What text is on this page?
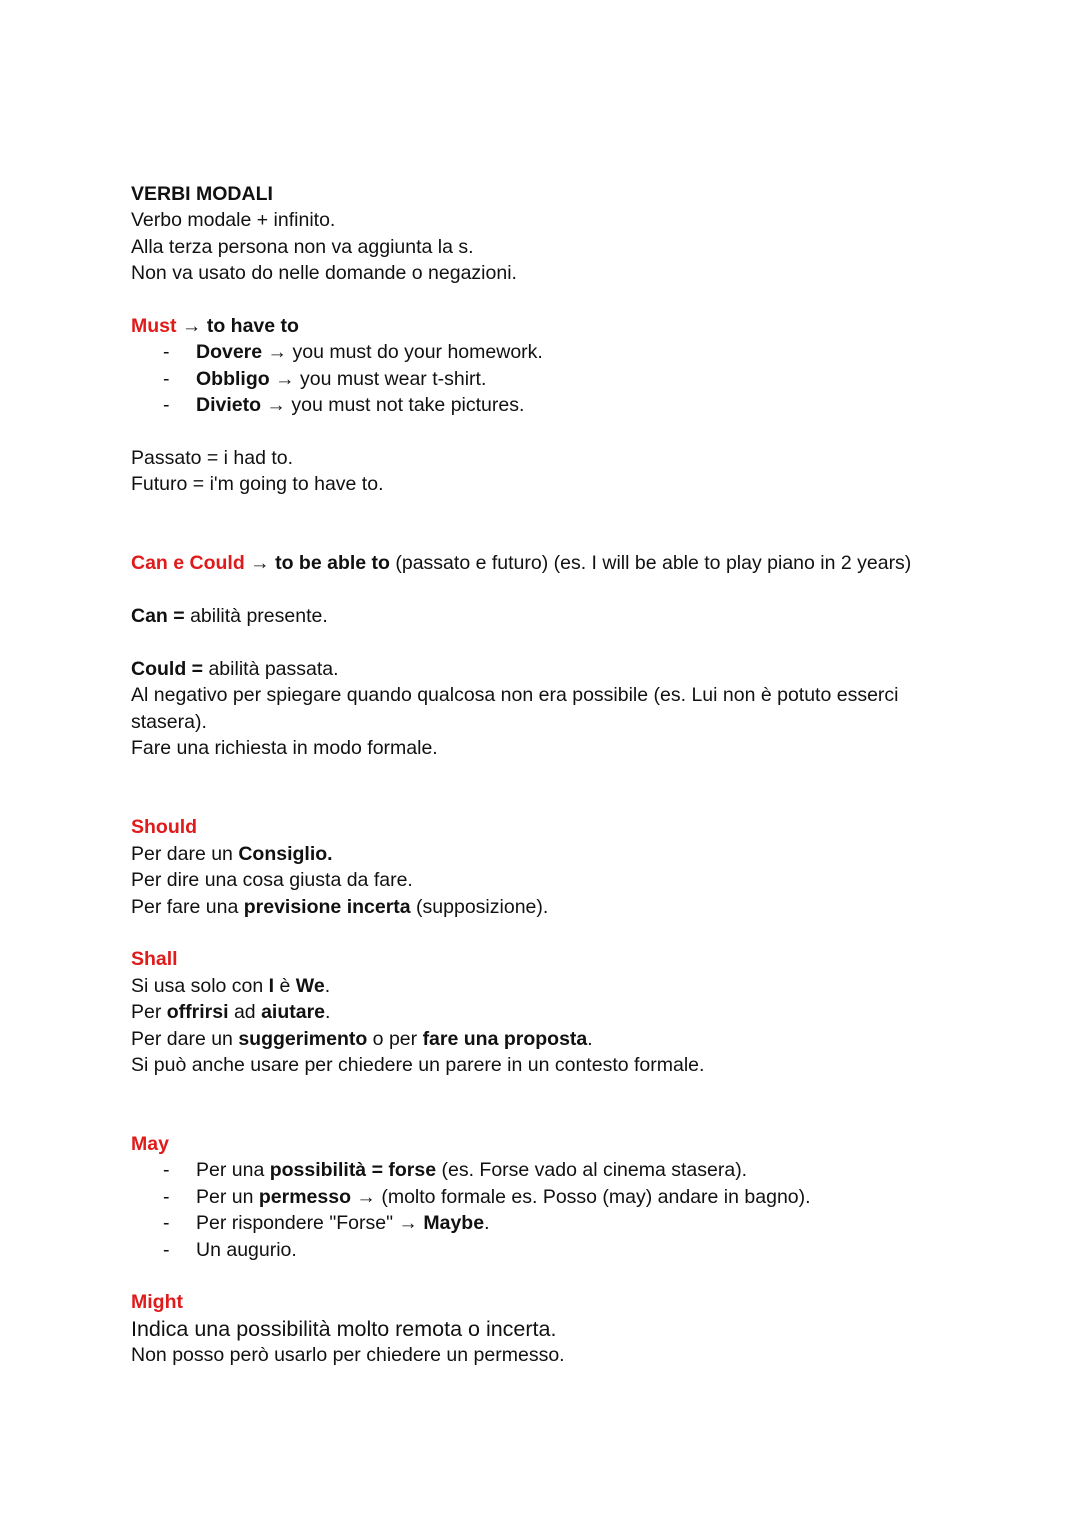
VERBI MODALI
Verbo modale + infinito.
Alla terza persona non va aggiunta la s.
Non va usato do nelle domande o negazioni.
Must → to have to
- Dovere → you must do your homework.
- Obbligo → you must wear t-shirt.
- Divieto → you must not take pictures.
Passato = i had to.
Futuro = i'm going to have to.
Can e Could → to be able to (passato e futuro) (es. I will be able to play piano in 2 years)
Can = abilità presente.
Could = abilità passata.
Al negativo per spiegare quando qualcosa non era possibile (es. Lui non è potuto esserci stasera).
Fare una richiesta in modo formale.
Should
Per dare un Consiglio.
Per dire una cosa giusta da fare.
Per fare una previsione incerta (supposizione).
Shall
Si usa solo con I è We.
Per offrirsi ad aiutare.
Per dare un suggerimento o per fare una proposta.
Si può anche usare per chiedere un parere in un contesto formale.
May
- Per una possibilità = forse (es. Forse vado al cinema stasera).
- Per un permesso → (molto formale es. Posso (may) andare in bagno).
- Per rispondere "Forse" → Maybe.
- Un augurio.
Might
Indica una possibilità molto remota o incerta.
Non posso però usarlo per chiedere un permesso.
